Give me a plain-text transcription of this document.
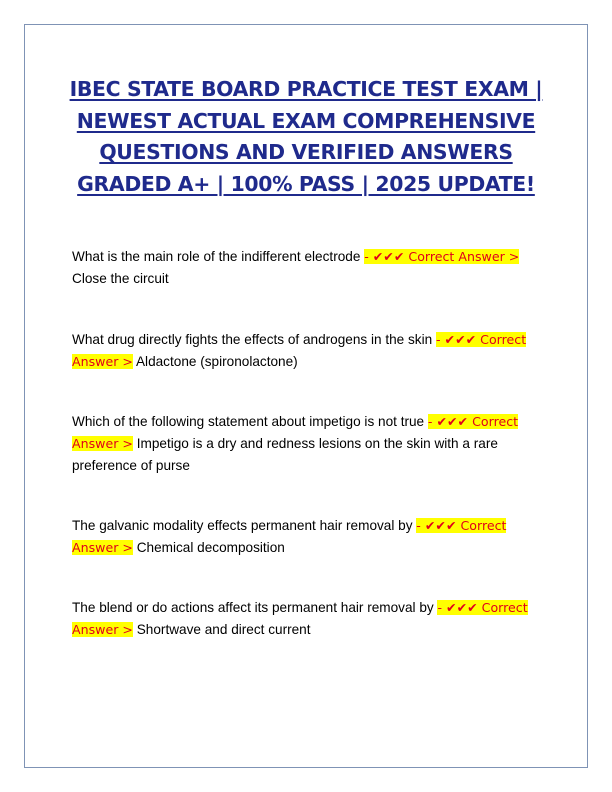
IBEC STATE BOARD PRACTICE TEST EXAM | NEWEST ACTUAL EXAM COMPREHENSIVE QUESTIONS AND VERIFIED ANSWERS GRADED A+ | 100% PASS | 2025 UPDATE!

What is the main role of the indifferent electrode - ✔✔✔ Correct Answer > Close the circuit

What drug directly fights the effects of androgens in the skin - ✔✔✔ Correct Answer > Aldactone (spironolactone)

Which of the following statement about impetigo is not true - ✔✔✔ Correct Answer > Impetigo is a dry and redness lesions on the skin with a rare preference of purse

The galvanic modality effects permanent hair removal by - ✔✔✔ Correct Answer > Chemical decomposition

The blend or do actions affect its permanent hair removal by - ✔✔✔ Correct Answer > Shortwave and direct current
